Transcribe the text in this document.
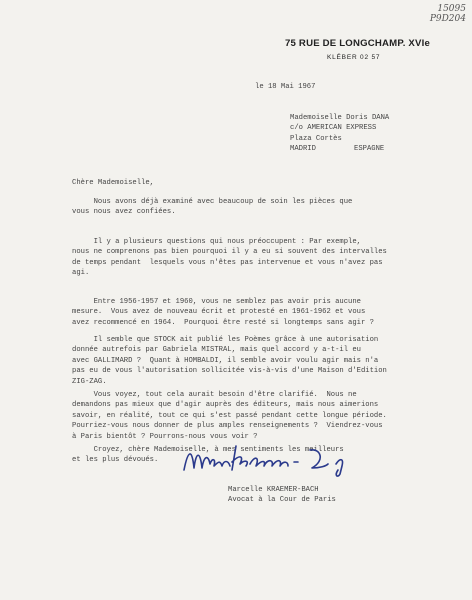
15095
P9D204
75 RUE DE LONGCHAMP. XVIe
KLÉBER 02 57
le 18 Mai 1967
Mademoiselle Doris DANA
c/o AMERICAN EXPRESS
Plaza Cortès
MADRID	ESPAGNE
Chère Mademoiselle,
Nous avons déjà examiné avec beaucoup de soin les pièces que
vous nous avez confiées.
Il y a plusieurs questions qui nous préoccupent : Par exemple,
nous ne comprenons pas bien pourquoi il y a eu si souvent des intervalles
de temps pendant  lesquels vous n'êtes pas intervenue et vous n'avez pas
agi.
Entre 1956-1957 et 1960, vous ne semblez pas avoir pris aucune
mesure.  Vous avez de nouveau écrit et protesté en 1961-1962 et vous
avez recommencé en 1964.  Pourquoi être resté si longtemps sans agir ?
Il semble que STOCK ait publié les Poèmes grâce à une autorisation
donnée autrefois par Gabriela MISTRAL, mais quel accord y a-t-il eu
avec GALLIMARD ?  Quant à HOMBALDI, il semble avoir voulu agir mais n'a
pas eu de vous l'autorisation sollicitée vis-à-vis d'une Maison d'Edition
ZIG-ZAG.
Vous voyez, tout cela aurait besoin d'être clarifié.  Nous ne
demandons pas mieux que d'agir auprès des éditeurs, mais nous aimerions
savoir, en réalité, tout ce qui s'est passé pendant cette longue période.
Pourriez-vous nous donner de plus amples renseignements ?  Viendrez-vous
à Paris bientôt ? Pourrons-nous vous voir ?
Croyez, chère Mademoiselle, à mes sentiments les meilleurs
et les plus dévoués.
Marcelle KRAEMER-BACH
Avocat à la Cour de Paris
